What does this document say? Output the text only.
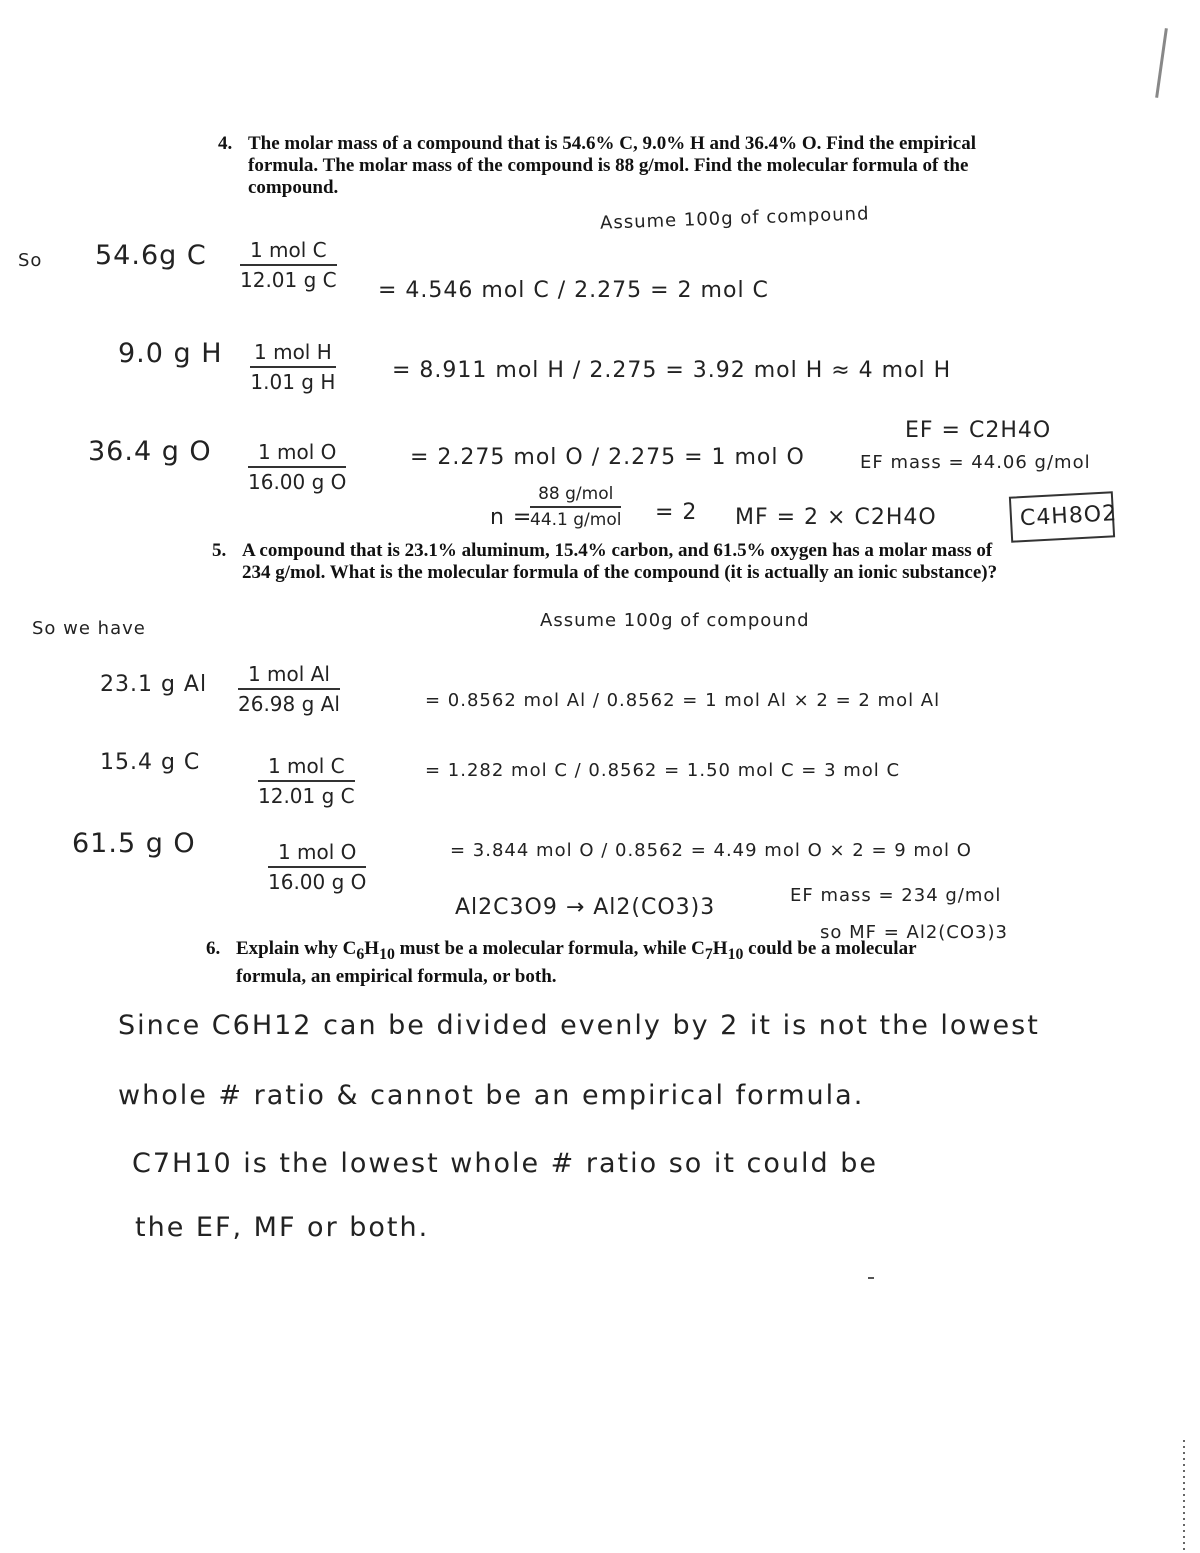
4. The molar mass of a compound that is 54.6% C, 9.0% H and 36.4% O. Find the empirical formula. The molar mass of the compound is 88 g/mol. Find the molecular formula of the compound.
Assume 100g of compound
So 54.6g C	1 mol C
12.01 g C = 4.546 mol C / 2.275 = 2 mol C
9.0 g H 1 mol H
1.01 g H	= 8.911 mol H / 2.275 = 3.92 mol H ≈ 4 mol H
36.4 g O	1 mol O
16.00 g O
= 2.275 mol O / 2.275 = 1 mol O
EF = C2H4O
EF mass = 44.06 g/mol
n =
88 g/mol
44.1 g/mol = 2 MF = 2 × C2H4O	C4H8O2
5. A compound that is 23.1% aluminum, 15.4% carbon, and 61.5% oxygen has a molar mass of 234 g/mol. What is the molecular formula of the compound (it is actually an ionic substance)?
So we have	Assume 100g of compound
23.1 g Al	1 mol Al
26.98 g Al	= 0.8562 mol Al / 0.8562 = 1 mol Al × 2 = 2 mol Al
15.4 g C	1 mol C
12.01 g C
= 1.282 mol C / 0.8562 = 1.50 mol C = 3 mol C
61.5 g O	1 mol O
16.00 g O
= 3.844 mol O / 0.8562 = 4.49 mol O × 2 = 9 mol O
Al2C3O9 → Al2(CO3)3	EF mass = 234 g/mol
so MF = Al2(CO3)3
6. Explain why $C_6H_{10}$ must be a molecular formula, while $C_7H_{10}$ could be a molecular formula, an empirical formula, or both.
Since C6H12 can be divided evenly by 2 it is not the lowest
whole # ratio & cannot be an empirical formula.
C7H10 is the lowest whole # ratio so it could be
the EF, MF or both.
